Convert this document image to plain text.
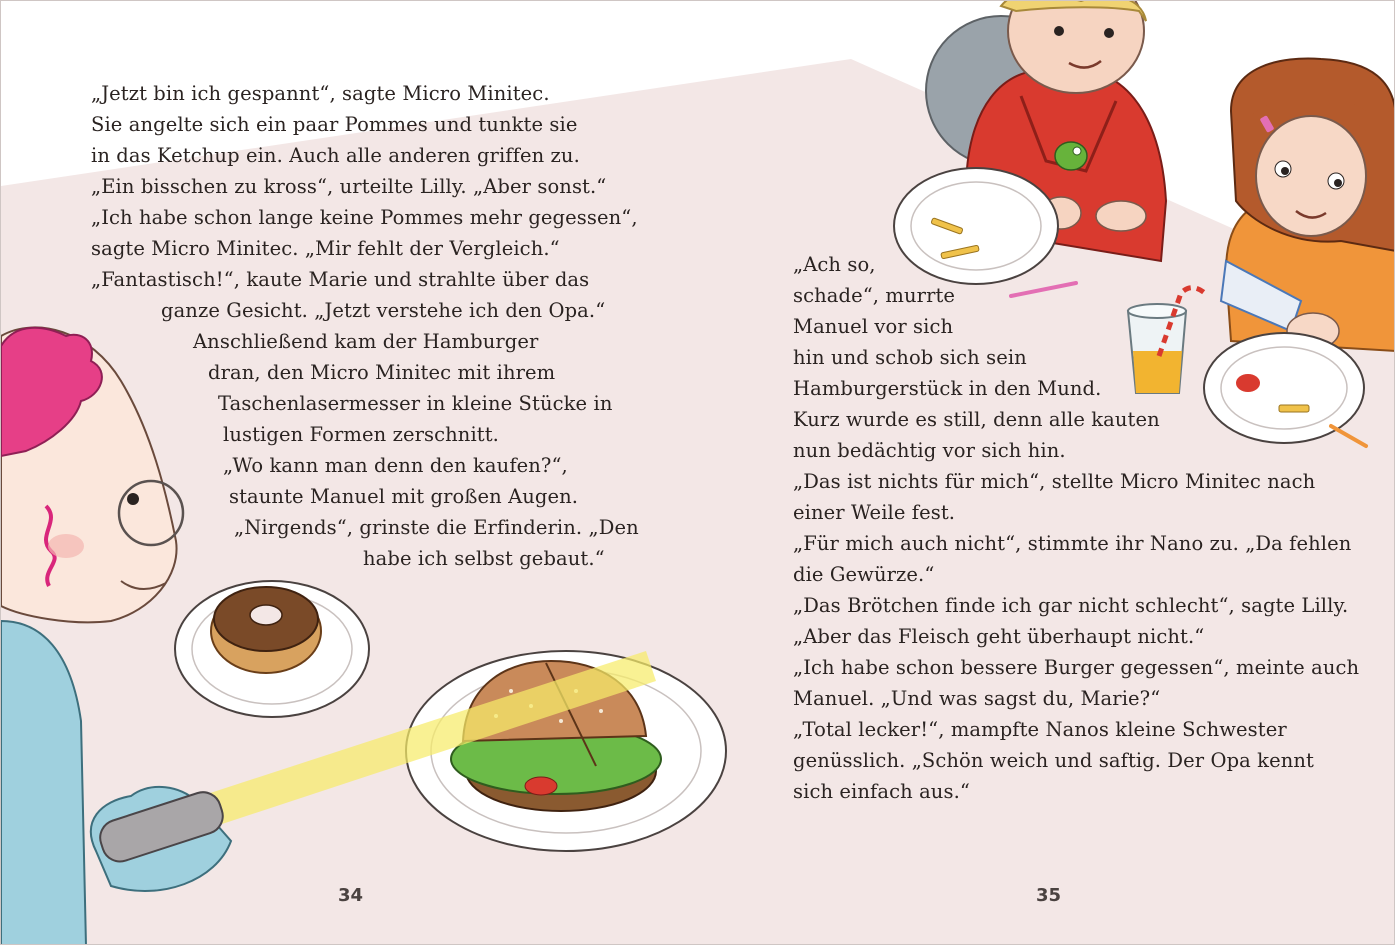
„Jetzt bin ich gespannt“, sagte Micro Minitec.
Sie angelte sich ein paar Pommes und tunkte sie
in das Ketchup ein. Auch alle anderen griffen zu.
„Ein bisschen zu kross“, urteilte Lilly. „Aber sonst.“
„Ich habe schon lange keine Pommes mehr gegessen“,
sagte Micro Minitec. „Mir fehlt der Vergleich.“
„Fantastisch!“, kaute Marie und strahlte über das
ganze Gesicht. „Jetzt verstehe ich den Opa.“
Anschließend kam der Hamburger
dran, den Micro Minitec mit ihrem
Taschenlasermesser in kleine Stücke in
lustigen Formen zerschnitt.
„Wo kann man denn den kaufen?“,
staunte Manuel mit großen Augen.
„Nirgends“, grinste die Erfinderin. „Den
habe ich selbst gebaut.“
„Ach so,
schade“, murrte
Manuel vor sich
hin und schob sich sein
Hamburgerstück in den Mund.
Kurz wurde es still, denn alle kauten
nun bedächtig vor sich hin.
„Das ist nichts für mich“, stellte Micro Minitec nach
einer Weile fest.
„Für mich auch nicht“, stimmte ihr Nano zu. „Da fehlen
die Gewürze.“
„Das Brötchen finde ich gar nicht schlecht“, sagte Lilly.
„Aber das Fleisch geht überhaupt nicht.“
„Ich habe schon bessere Burger gegessen“, meinte auch
Manuel. „Und was sagst du, Marie?“
„Total lecker!“, mampfte Nanos kleine Schwester
genüsslich. „Schön weich und saftig. Der Opa kennt
sich einfach aus.“
34	35
